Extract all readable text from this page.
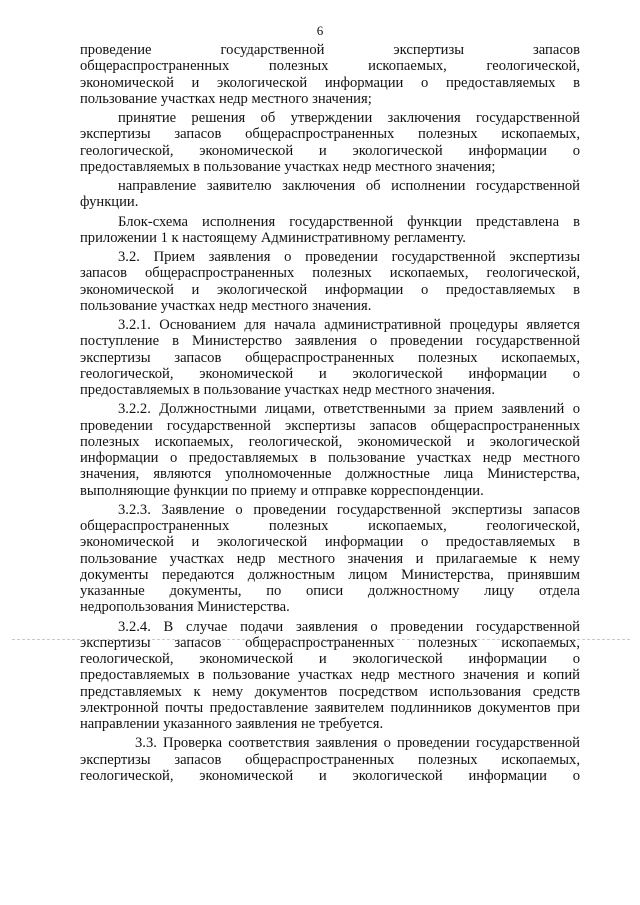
6
проведение государственной экспертизы запасов
общераспространенных полезных ископаемых, геологической,
экономической и экологической информации о предоставляемых в
пользование участках недр местного значения;
принятие решения об утверждении заключения государственной
экспертизы запасов общераспространенных полезных ископаемых,
геологической, экономической и экологической информации о
предоставляемых в пользование участках недр местного значения;
направление заявителю заключения об исполнении государственной
функции.
Блок-схема исполнения государственной функции представлена в
приложении 1 к настоящему Административному регламенту.
3.2. Прием заявления о проведении государственной экспертизы
запасов общераспространенных полезных ископаемых, геологической,
экономической и экологической информации о предоставляемых в
пользование участках недр местного значения.
3.2.1. Основанием для начала административной процедуры является
поступление в Министерство заявления о проведении государственной
экспертизы запасов общераспространенных полезных ископаемых,
геологической, экономической и экологической информации о
предоставляемых в пользование участках недр местного значения.
3.2.2. Должностными лицами, ответственными за прием заявлений о
проведении государственной экспертизы запасов общераспространенных
полезных ископаемых, геологической, экономической и экологической
информации о предоставляемых в пользование участках недр местного
значения, являются уполномоченные должностные лица Министерства,
выполняющие функции по приему и отправке корреспонденции.
3.2.3. Заявление о проведении государственной экспертизы запасов
общераспространенных полезных ископаемых, геологической,
экономической и экологической информации о предоставляемых в
пользование участках недр местного значения и прилагаемые к нему
документы передаются должностным лицом Министерства, принявшим
указанные документы, по описи должностному лицу отдела
недропользования Министерства.
3.2.4. В случае подачи заявления о проведении государственной
экспертизы запасов общераспространенных полезных ископаемых,
геологической, экономической и экологической информации о
предоставляемых в пользование участках недр местного значения и копий
представляемых к нему документов посредством использования средств
электронной почты предоставление заявителем подлинников документов при
направлении указанного заявления не требуется.
3.3. Проверка соответствия заявления о проведении государственной
экспертизы запасов общераспространенных полезных ископаемых,
геологической, экономической и экологической информации о
